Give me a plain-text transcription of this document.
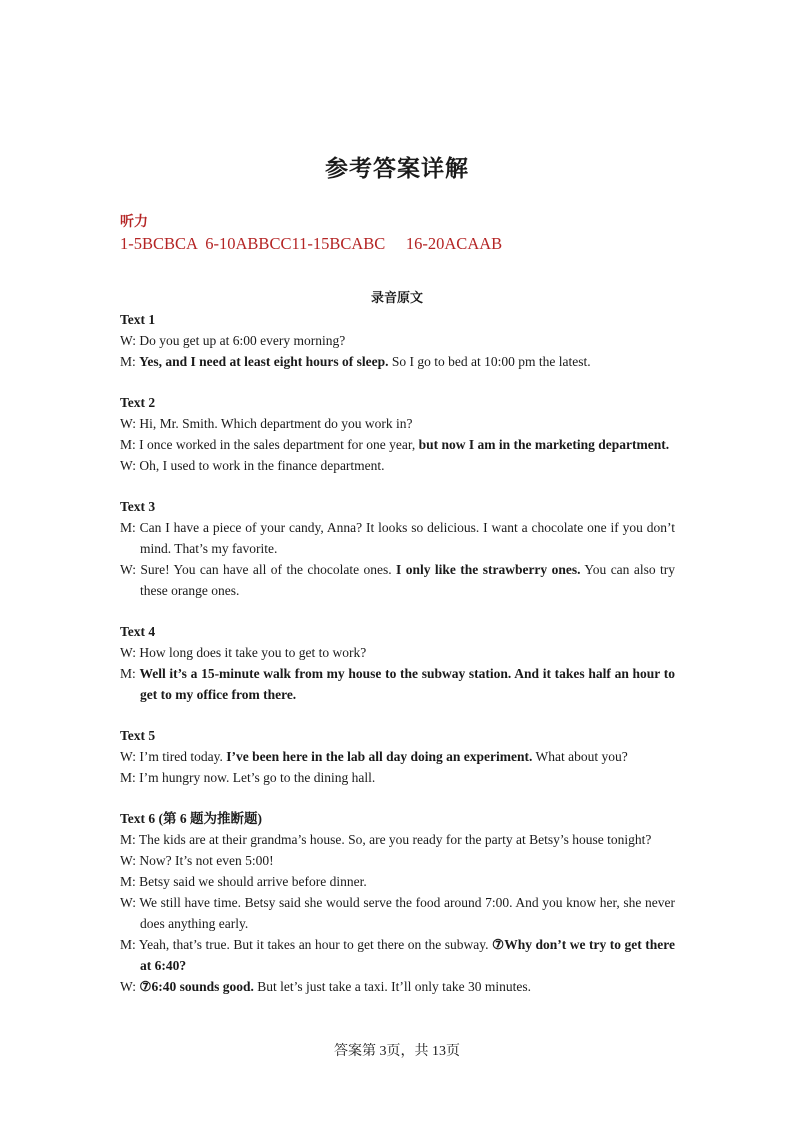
参考答案详解
听力
1-5BCBCA  6-10ABBCC11-15BCABC     16-20ACAAB
录音原文
Text 1
W: Do you get up at 6:00 every morning?
M: Yes, and I need at least eight hours of sleep. So I go to bed at 10:00 pm the latest.
Text 2
W: Hi, Mr. Smith. Which department do you work in?
M: I once worked in the sales department for one year, but now I am in the marketing department.
W: Oh, I used to work in the finance department.
Text 3
M: Can I have a piece of your candy, Anna? It looks so delicious. I want a chocolate one if you don’t mind. That’s my favorite.
W: Sure! You can have all of the chocolate ones. I only like the strawberry ones. You can also try these orange ones.
Text 4
W: How long does it take you to get to work?
M: Well it’s a 15-minute walk from my house to the subway station. And it takes half an hour to get to my office from there.
Text 5
W: I’m tired today. I’ve been here in the lab all day doing an experiment. What about you?
M: I’m hungry now. Let’s go to the dining hall.
Text 6 (第 6 题为推断题)
M: The kids are at their grandma’s house. So, are you ready for the party at Betsy’s house tonight?
W: Now? It’s not even 5:00!
M: Betsy said we should arrive before dinner.
W: We still have time. Betsy said she would serve the food around 7:00. And you know her, she never does anything early.
M: Yeah, that’s true. But it takes an hour to get there on the subway. ⑦Why don’t we try to get there at 6:40?
W: ⑦6:40 sounds good. But let’s just take a taxi. It’ll only take 30 minutes.
答案第 3页，共 13页
